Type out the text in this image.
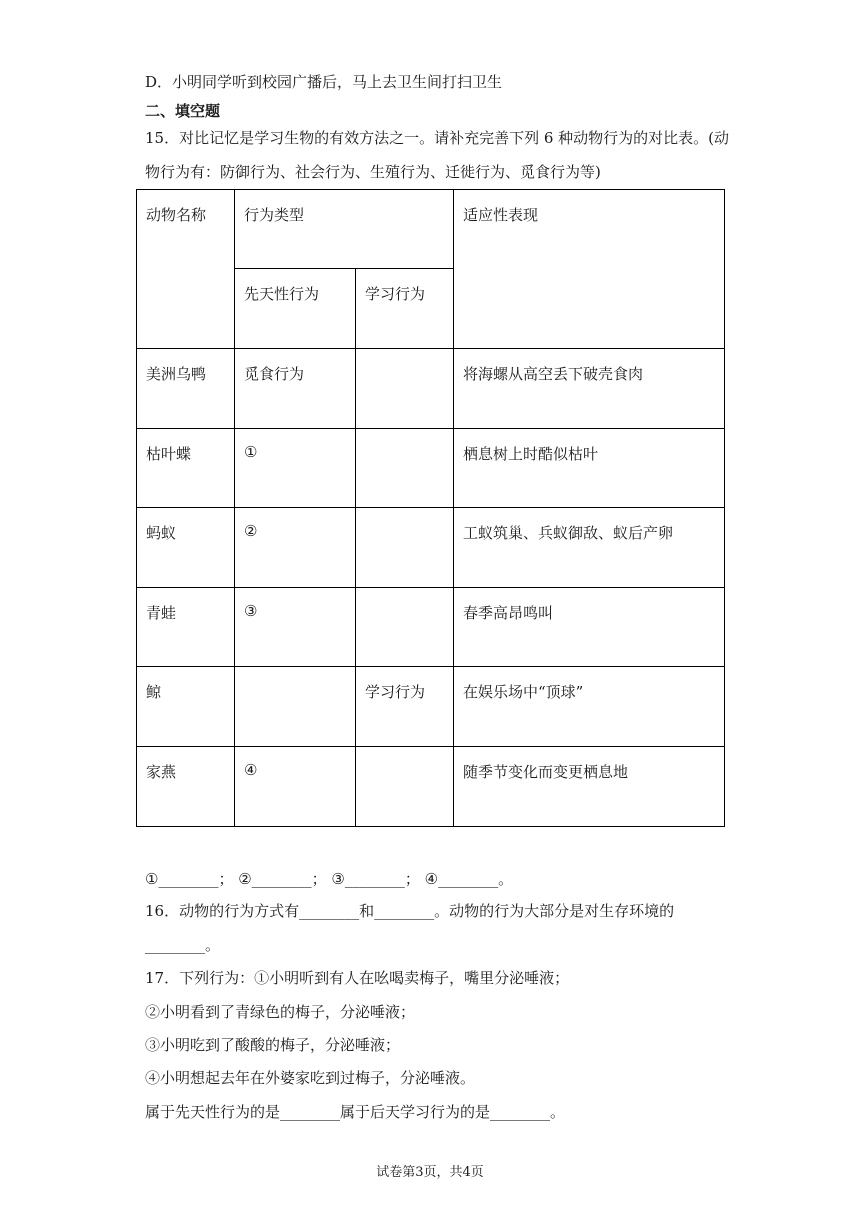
D．小明同学听到校园广播后，马上去卫生间打扫卫生
二、填空题
15．对比记忆是学习生物的有效方法之一。请补充完善下列 6 种动物行为的对比表。(动
物行为有：防御行为、社会行为、生殖行为、迁徙行为、觅食行为等)
动物名称	行为类型		适应性表现
	先天性行为	学习行为	
美洲乌鸭	觅食行为		将海螺从高空丢下破壳食肉
枯叶蝶	①		栖息树上时酷似枯叶
蚂蚁	②		工蚁筑巢、兵蚁御敌、蚁后产卵
青蛙	③		春季高昂鸣叫
鲸		学习行为	在娱乐场中“顶球”
家燕	④		随季节变化而变更栖息地
①________； ②________； ③________； ④________。
16．动物的行为方式有________和________。动物的行为大部分是对生存环境的
________。
17．下列行为：①小明听到有人在吆喝卖梅子，嘴里分泌唾液；
②小明看到了青绿色的梅子，分泌唾液；
③小明吃到了酸酸的梅子，分泌唾液；
④小明想起去年在外婆家吃到过梅子，分泌唾液。
属于先天性行为的是________属于后天学习行为的是________。
试卷第3页，共4页
